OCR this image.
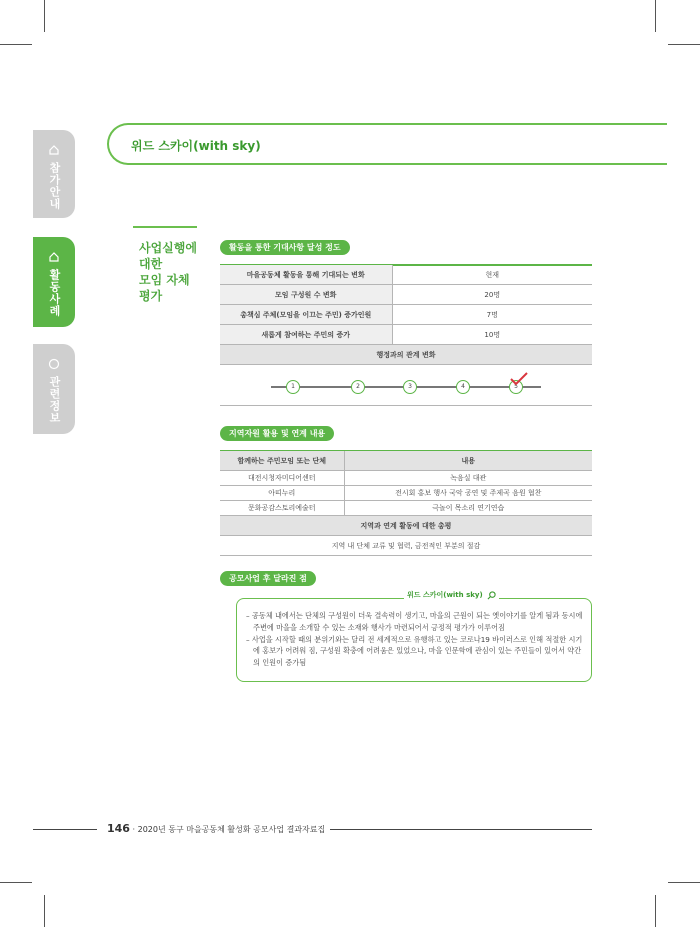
참가안내
활동사례
관련정보
위드 스카이(with sky)
사업실행에
대한
모임 자체
평가
활동을 통한 기대사항 달성 정도
마을공동체 활동을 통해 기대되는 변화	현재
모임 구성원 수 변화	20명
총책심 주체(모임을 이끄는 주민) 증가인원	7명
새롭게 참여하는 주민의 증가	10명
행정과의 관계 변화	
1	2	3	4	5
지역자원 활용 및 연계 내용
함께하는 주민모임 또는 단체	내용
대전시청자미디어센터	녹음실 대관
아띠누리	전시회 홍보 행사 국악 공연 및 주제곡 음원 협찬
문화공감스토리예술터	극놀이 목소리 연기연습
지역과 연계 활동에 대한 총평	
지역 내 단체 교류 및 협력, 금전적인 부분의 절감	
공모사업 후 달라진 점
위드 스카이(with sky)

– 공동체 내에서는 단체의 구성원이 더욱 결속력이 생기고, 마을의 근원이 되는 옛이야기를 알게 됨과 동시에 주변에 마을을 소개할 수 있는 소재와 행사가 마련되어서 긍정적 평가가 이루어짐

– 사업을 시작할 때의 분위기와는 달리 전 세계적으로 유행하고 있는 코로나19 바이러스로 인해 적절한 시기에 홍보가 어려워 짐, 구성원 확충에 어려움은 있었으나, 마을 인문학에 관심이 있는 주민들이 있어서 약간의 인원이 증가됨

146 · 2020년 동구 마을공동체 활성화 공모사업 결과자료집
